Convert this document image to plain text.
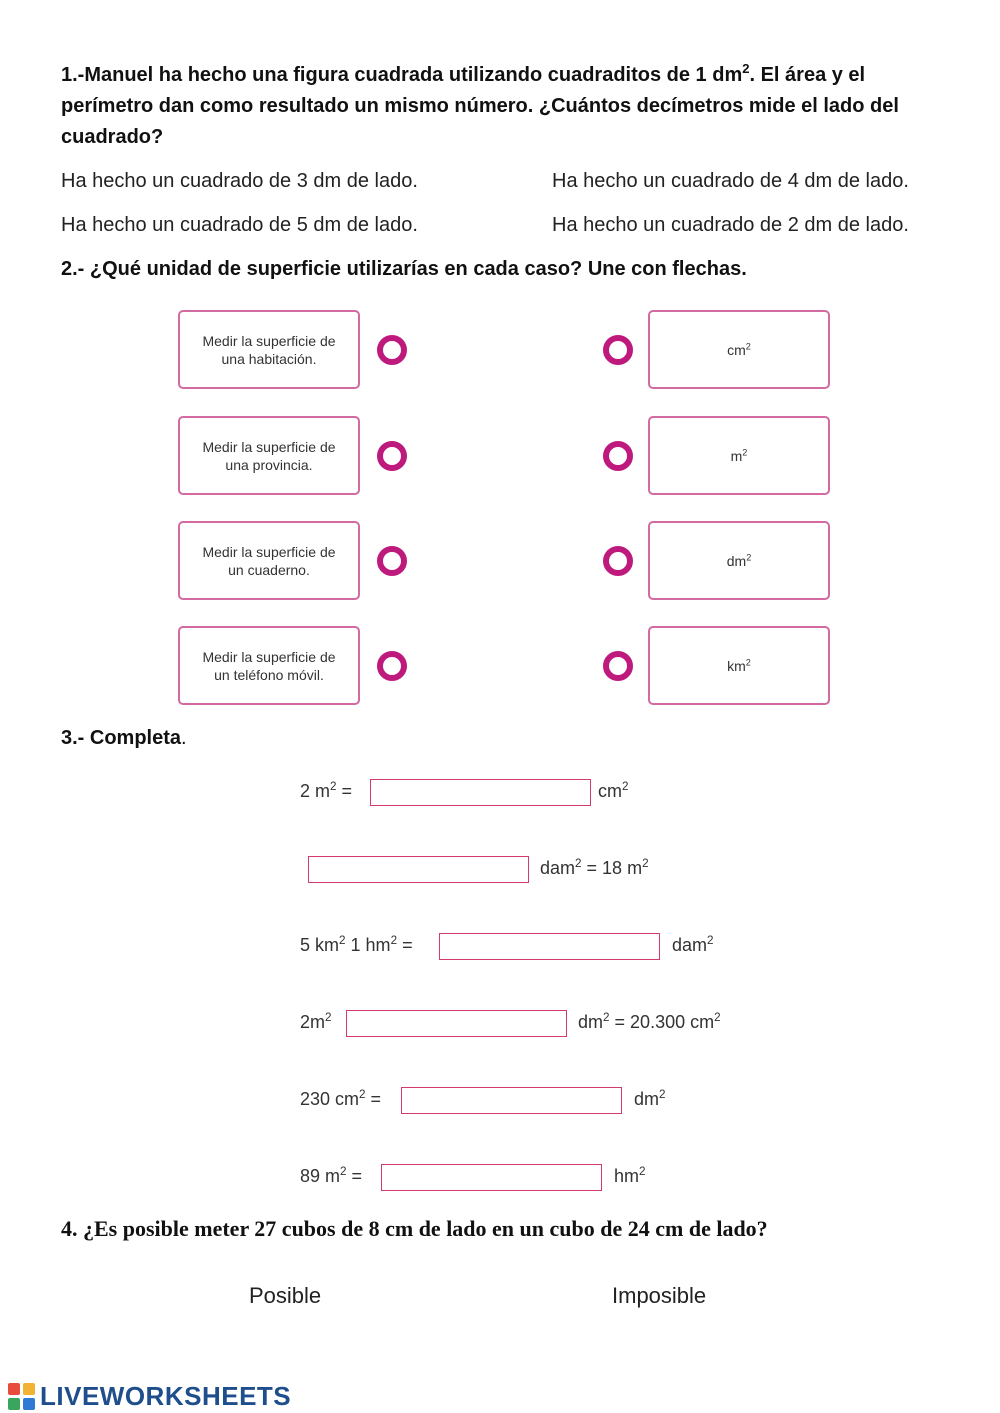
1.-Manuel ha hecho una figura cuadrada utilizando cuadraditos de 1 $dm^2$. El área y el
perímetro dan como resultado un mismo número. ¿Cuántos decímetros mide el lado del
cuadrado?
Ha hecho un cuadrado de 3 dm de lado.	Ha hecho un cuadrado de 4 dm de lado.
Ha hecho un cuadrado de 5 dm de lado.	Ha hecho un cuadrado de 2 dm de lado.
2.- ¿Qué unidad de superficie utilizarías en cada caso? Une con flechas.
Medir la superficie de
una habitación.
Medir la superficie de
una provincia.
Medir la superficie de
un cuaderno.
Medir la superficie de
un teléfono móvil.
$cm^2$
$m^2$
$dm^2$
$km^2$
3.- Completa.
2 $m^2$ =	$cm^2$
dam$^2$ = 18 $m^2$
5 $km^2$ 1 $hm^2$ =	dam$^2$
$2m^2$	$dm^2 = 20.300$ $cm^2$
230 $cm^2$ =	$dm^2$
89 $m^2$ =	$hm^2$
4. ¿Es posible meter 27 cubos de 8 cm de lado en un cubo de 24 cm de lado?
Posible	Imposible
LIVEWORKSHEETS
